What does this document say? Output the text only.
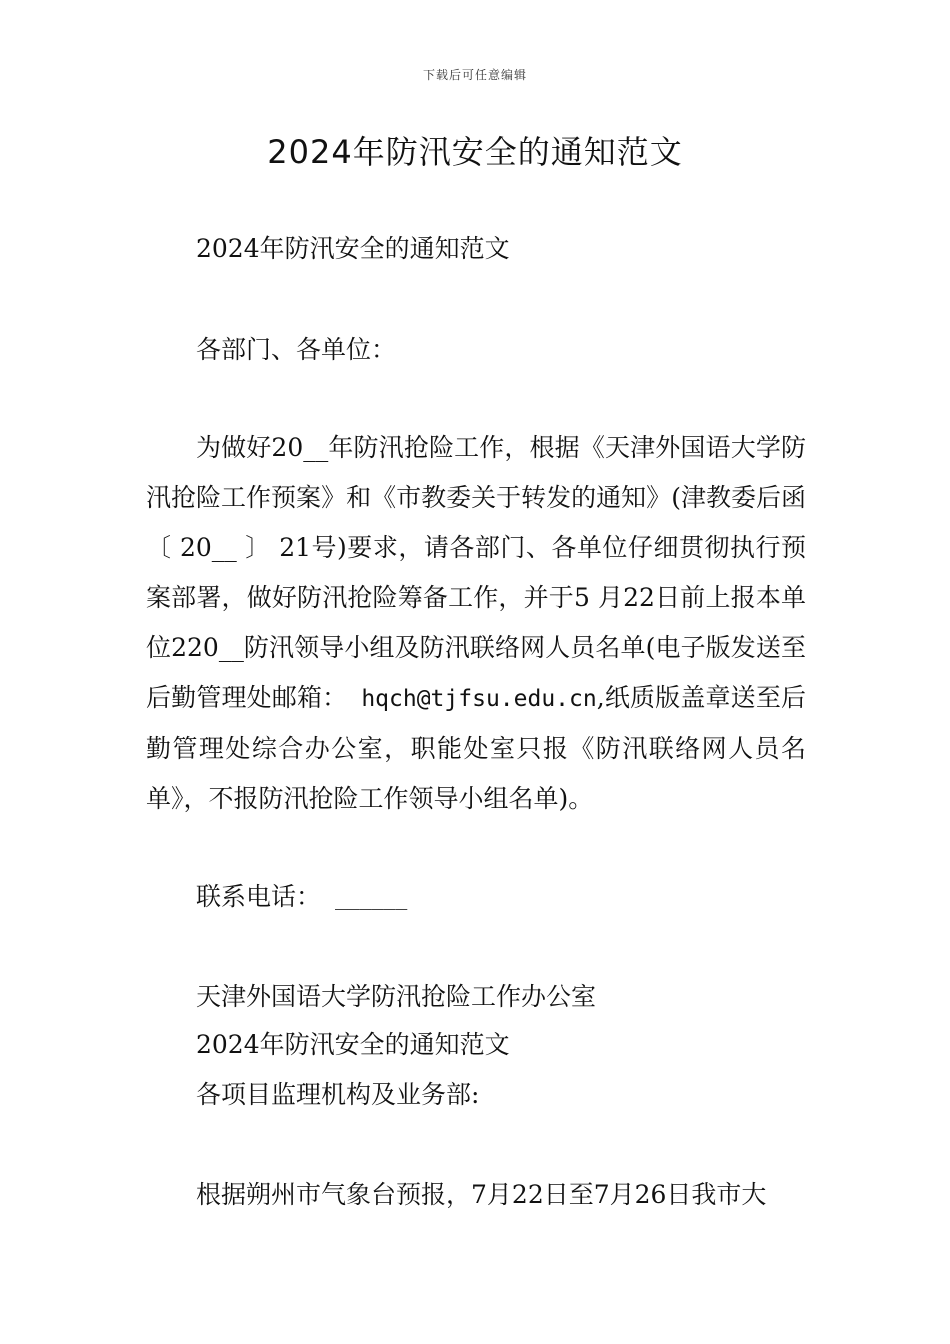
下载后可任意编辑
2024年防汛安全的通知范文
2024年防汛安全的通知范文
各部门、各单位：
为做好20__年防汛抢险工作，根据《天津外国语大学防汛抢险工作预案》和《市教委关于转发的通知》(津教委后函〔 20__ 〕 21号)要求，请各部门、各单位仔细贯彻执行预案部署，做好防汛抢险筹备工作，并于5 月22日前上报本单位220__防汛领导小组及防汛联络网人员名单(电子版发送至后勤管理处邮箱： hqch@tjfsu.edu.cn,纸质版盖章送至后勤管理处综合办公室，职能处室只报《防汛联络网人员名单》，不报防汛抢险工作领导小组名单)。
联系电话： ______
天津外国语大学防汛抢险工作办公室
2024年防汛安全的通知范文
各项目监理机构及业务部:
根据朔州市气象台预报，7月22日至7月26日我市大
